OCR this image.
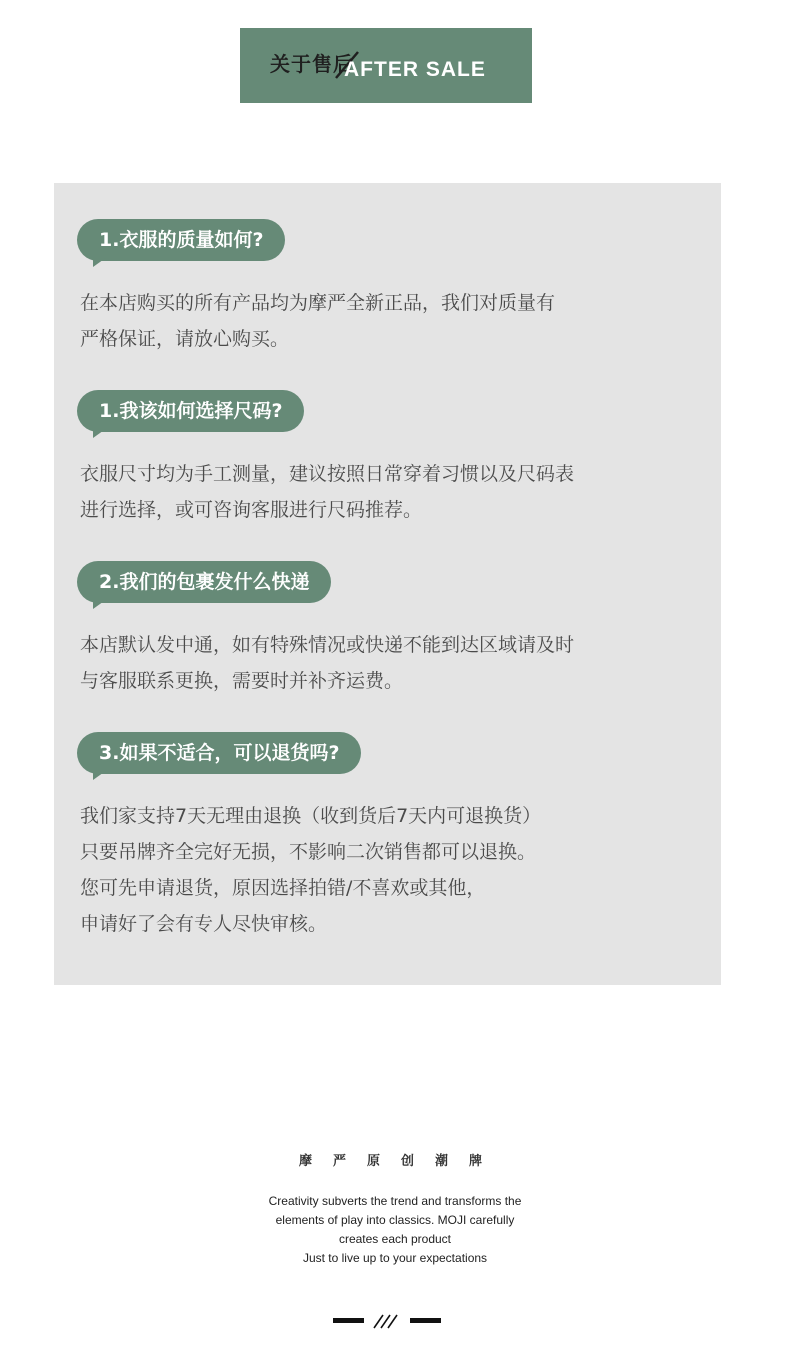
关于售后
AFTER SALE
1.衣服的质量如何?
在本店购买的所有产品均为摩严全新正品，我们对质量有
严格保证，请放心购买。
1.我该如何选择尺码?
衣服尺寸均为手工测量，建议按照日常穿着习惯以及尺码表
进行选择，或可咨询客服进行尺码推荐。
2.我们的包裹发什么快递
本店默认发中通，如有特殊情况或快递不能到达区域请及时
与客服联系更换，需要时并补齐运费。
3.如果不适合，可以退货吗?
我们家支持7天无理由退换（收到货后7天内可退换货）
只要吊牌齐全完好无损，不影响二次销售都可以退换。
您可先申请退货，原因选择拍错/不喜欢或其他，
申请好了会有专人尽快审核。
摩严原创潮牌
Creativity subverts the trend and transforms the
elements of play into classics. MOJI carefully
creates each product
Just to live up to your expectations
